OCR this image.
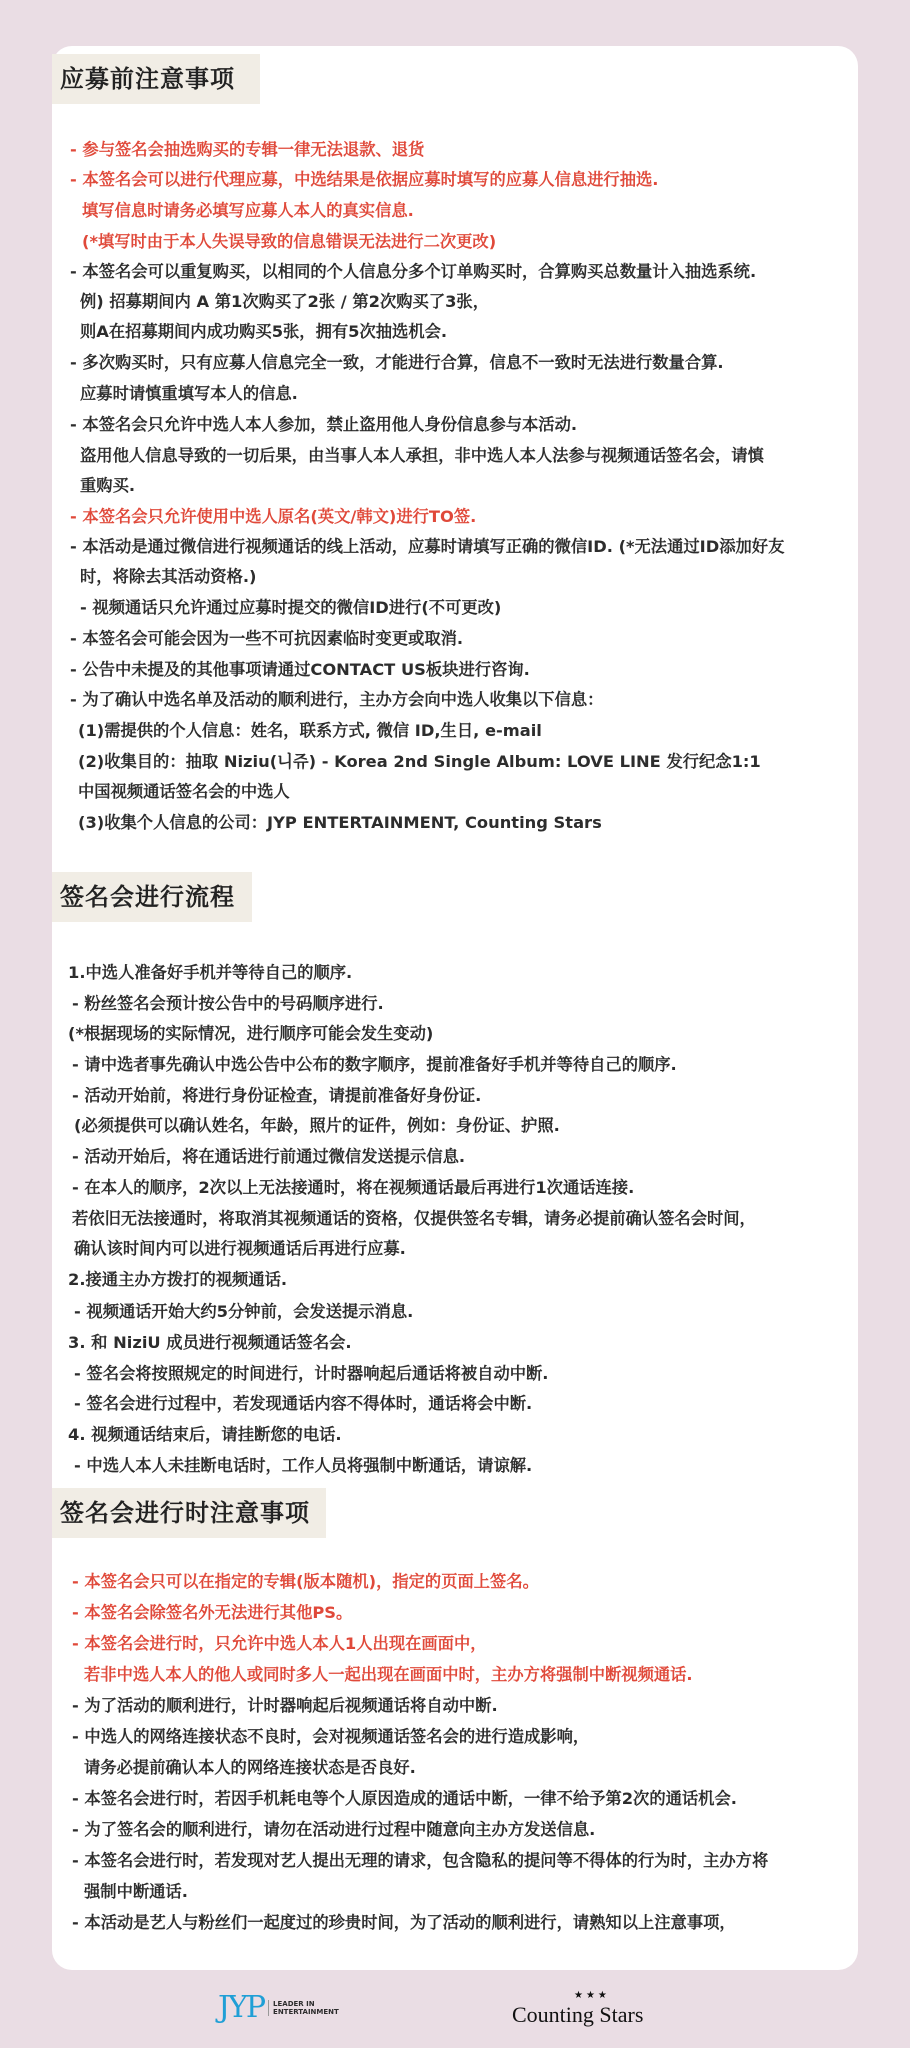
应募前注意事项
- 参与签名会抽选购买的专辑一律无法退款、退货
- 本签名会可以进行代理应募，中选结果是依据应募时填写的应募人信息进行抽选.
填写信息时请务必填写应募人本人的真实信息.
(*填写时由于本人失误导致的信息错误无法进行二次更改)
- 本签名会可以重复购买，以相同的个人信息分多个订单购买时，合算购买总数量计入抽选系统.
例) 招募期间内 A 第1次购买了2张 / 第2次购买了3张，
则A在招募期间内成功购买5张，拥有5次抽选机会.
- 多次购买时，只有应募人信息完全一致，才能进行合算，信息不一致时无法进行数量合算.
应募时请慎重填写本人的信息.
- 本签名会只允许中选人本人参加，禁止盗用他人身份信息参与本活动.
盗用他人信息导致的一切后果，由当事人本人承担，非中选人本人法参与视频通话签名会，请慎
重购买.
- 本签名会只允许使用中选人原名(英文/韩文)进行TO签.
- 本活动是通过微信进行视频通话的线上活动，应募时请填写正确的微信ID. (*无法通过ID添加好友
时，将除去其活动资格.)
- 视频通话只允许通过应募时提交的微信ID进行(不可更改)
- 本签名会可能会因为一些不可抗因素临时变更或取消.
- 公告中未提及的其他事项请通过CONTACT US板块进行咨询.
- 为了确认中选名单及活动的顺利进行，主办方会向中选人收集以下信息：
(1)需提供的个人信息：姓名，联系方式, 微信 ID,生日, e-mail
(2)收集目的：抽取 Niziu(니쥬) - Korea 2nd Single Album: LOVE LINE 发行纪念1:1
中国视频通话签名会的中选人
(3)收集个人信息的公司：JYP ENTERTAINMENT, Counting Stars
签名会进行流程
1.中选人准备好手机并等待自己的顺序.
- 粉丝签名会预计按公告中的号码顺序进行.
(*根据现场的实际情况，进行顺序可能会发生变动)
- 请中选者事先确认中选公告中公布的数字顺序，提前准备好手机并等待自己的顺序.
- 活动开始前，将进行身份证检查，请提前准备好身份证.
(必须提供可以确认姓名，年龄，照片的证件，例如：身份证、护照.
- 活动开始后，将在通话进行前通过微信发送提示信息.
- 在本人的顺序，2次以上无法接通时，将在视频通话最后再进行1次通话连接.
若依旧无法接通时，将取消其视频通话的资格，仅提供签名专辑，请务必提前确认签名会时间，
确认该时间内可以进行视频通话后再进行应募.
2.接通主办方拨打的视频通话.
- 视频通话开始大约5分钟前，会发送提示消息.
3. 和 NiziU 成员进行视频通话签名会.
- 签名会将按照规定的时间进行，计时器响起后通话将被自动中断.
- 签名会进行过程中，若发现通话内容不得体时，通话将会中断.
4. 视频通话结束后，请挂断您的电话.
- 中选人本人未挂断电话时，工作人员将强制中断通话，请谅解.
签名会进行时注意事项
- 本签名会只可以在指定的专辑(版本随机)，指定的页面上签名。
- 本签名会除签名外无法进行其他PS。
- 本签名会进行时，只允许中选人本人1人出现在画面中，
若非中选人本人的他人或同时多人一起出现在画面中时，主办方将强制中断视频通话.
- 为了活动的顺利进行，计时器响起后视频通话将自动中断.
- 中选人的网络连接状态不良时，会对视频通话签名会的进行造成影响，
请务必提前确认本人的网络连接状态是否良好.
- 本签名会进行时，若因手机耗电等个人原因造成的通话中断，一律不给予第2次的通话机会.
- 为了签名会的顺利进行，请勿在活动进行过程中随意向主办方发送信息.
- 本签名会进行时，若发现对艺人提出无理的请求，包含隐私的提问等不得体的行为时，主办方将
强制中断通话.
- 本活动是艺人与粉丝们一起度过的珍贵时间，为了活动的顺利进行，请熟知以上注意事项，
JYP	LEADER IN ENTERTAINMENT
★★★
Counting Stars
